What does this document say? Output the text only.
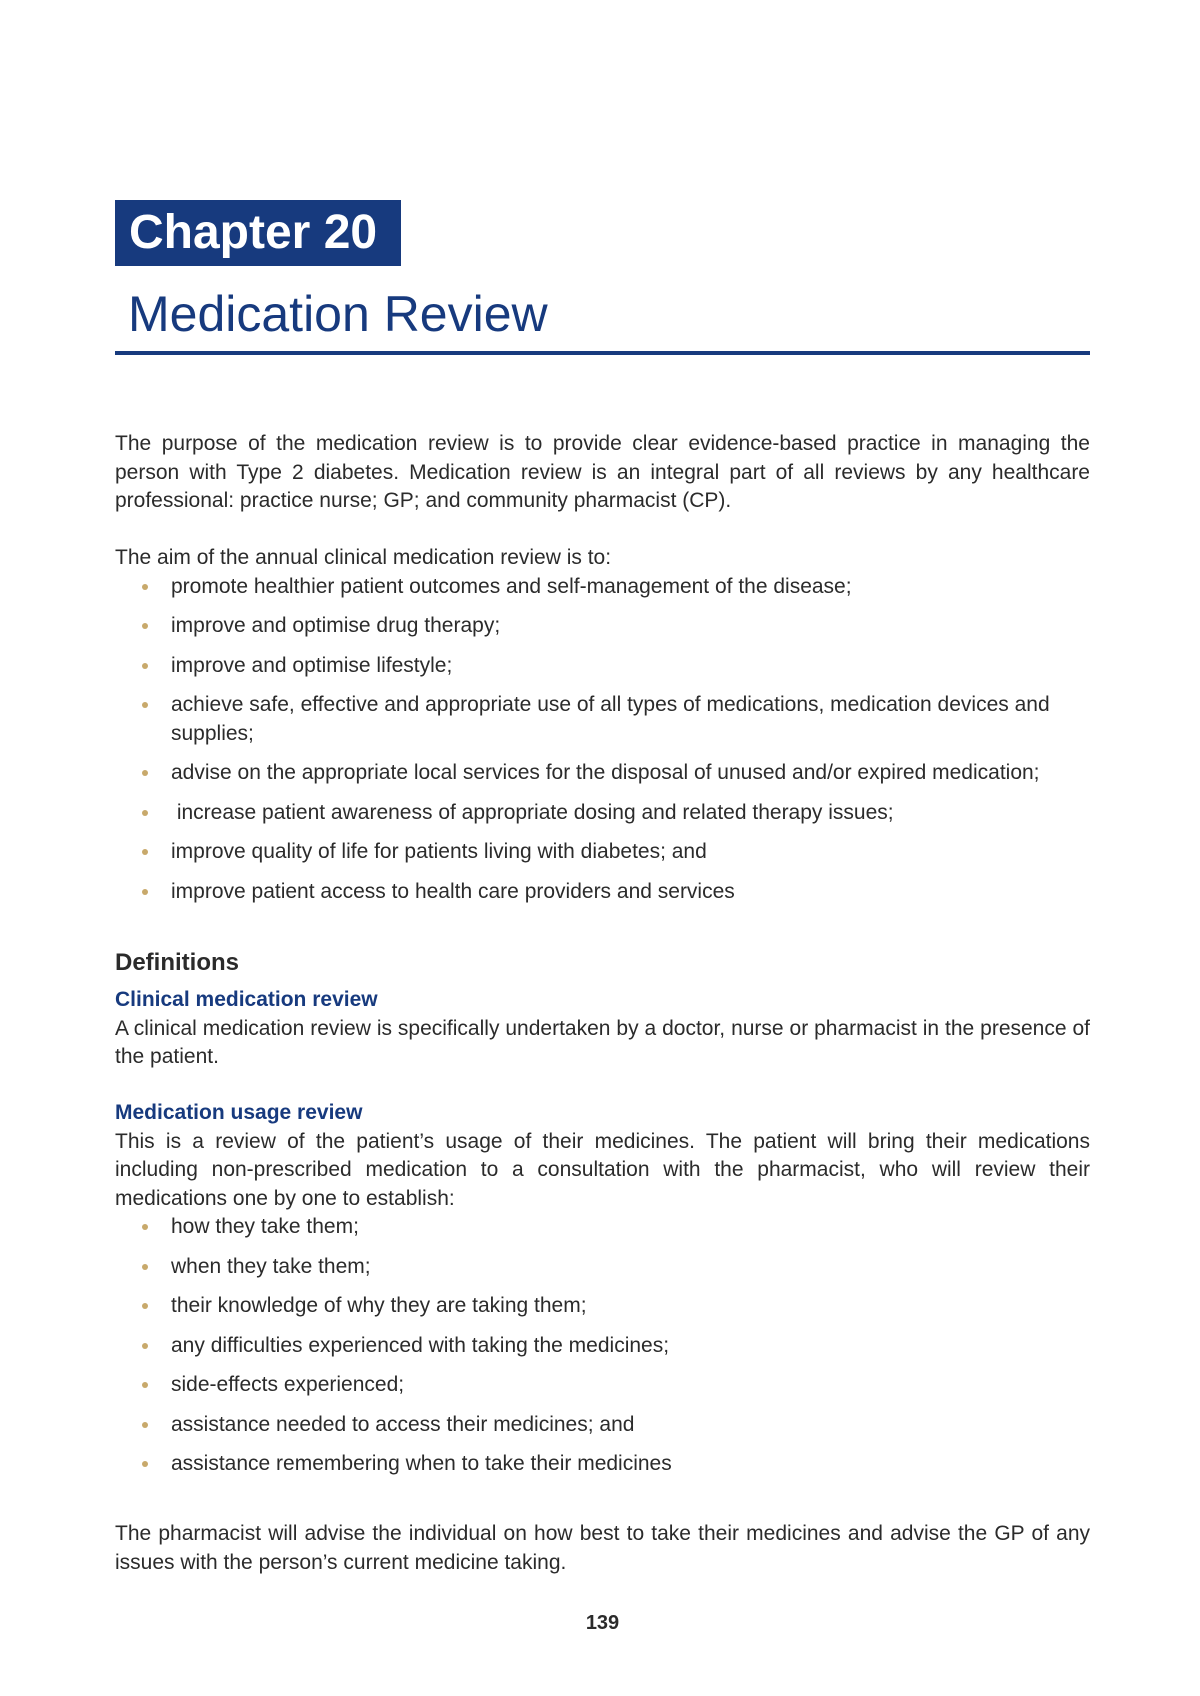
Chapter 20
Medication Review

The purpose of the medication review is to provide clear evidence-based practice in managing the person with Type 2 diabetes. Medication review is an integral part of all reviews by any healthcare professional: practice nurse; GP; and community pharmacist (CP).

The aim of the annual clinical medication review is to:

promote healthier patient outcomes and self-management of the disease;
improve and optimise drug therapy;
improve and optimise lifestyle;
achieve safe, effective and appropriate use of all types of medications, medication devices and supplies;
advise on the appropriate local services for the disposal of unused and/or expired medication;
increase patient awareness of appropriate dosing and related therapy issues;
improve quality of life for patients living with diabetes; and
improve patient access to health care providers and services
Definitions

Clinical medication review

A clinical medication review is specifically undertaken by a doctor, nurse or pharmacist in the presence of the patient.

Medication usage review

This is a review of the patient’s usage of their medicines. The patient will bring their medications including non-prescribed medication to a consultation with the pharmacist, who will review their medications one by one to establish:

how they take them;
when they take them;
their knowledge of why they are taking them;
any difficulties experienced with taking the medicines;
side-effects experienced;
assistance needed to access their medicines; and
assistance remembering when to take their medicines

The pharmacist will advise the individual on how best to take their medicines and advise the GP of any issues with the person’s current medicine taking.

139
